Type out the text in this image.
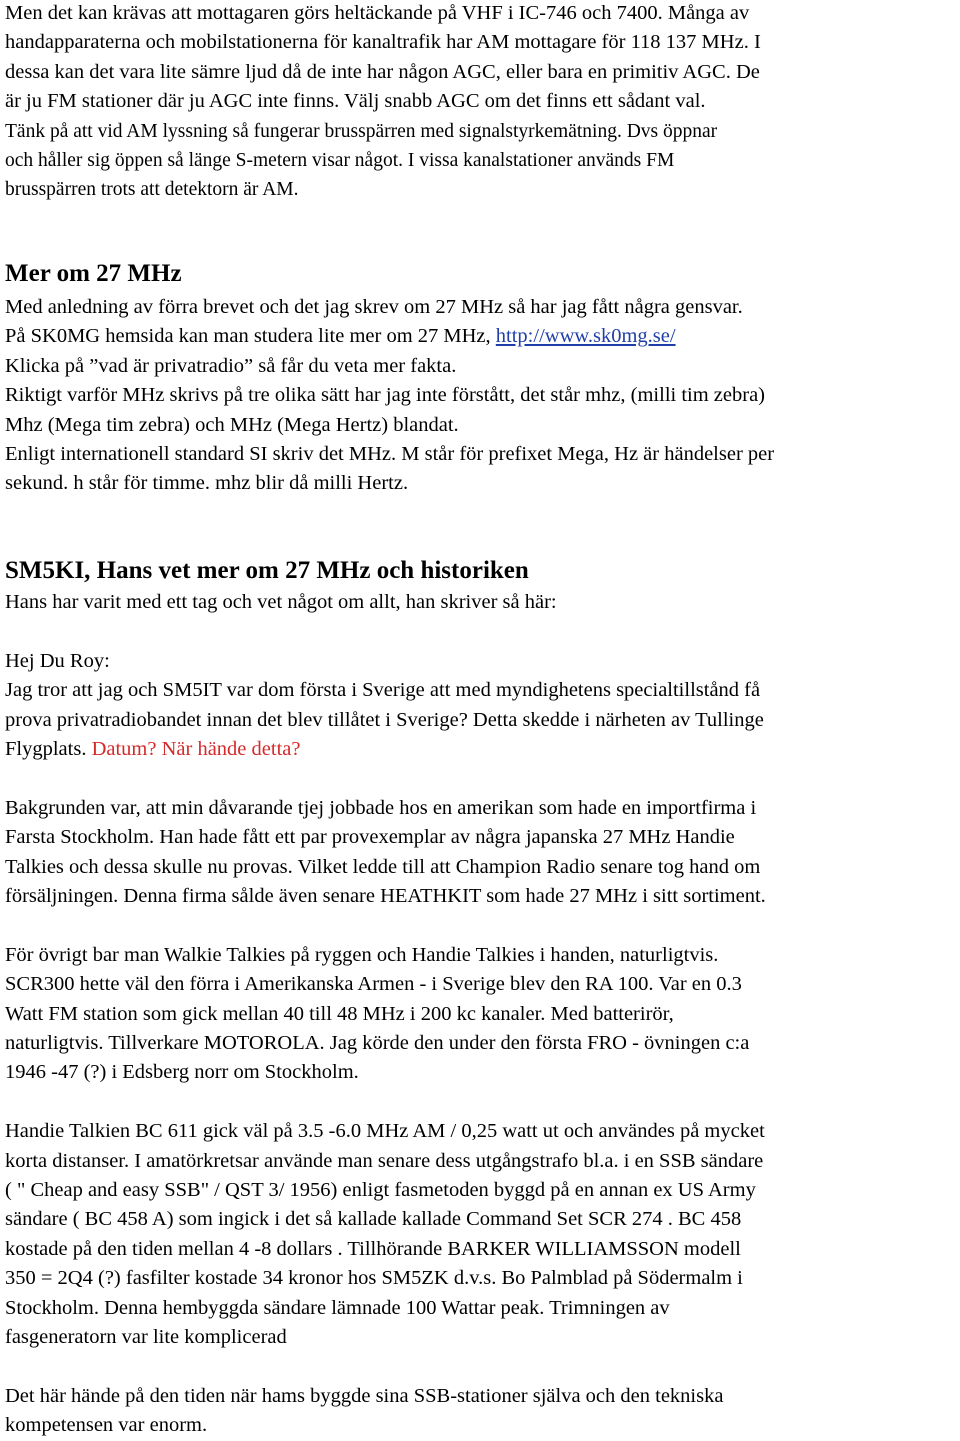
Men det kan krävas att mottagaren görs heltäckande på VHF i IC-746 och 7400. Många av
handapparaterna och mobilstationerna för kanaltrafik har AM mottagare för 118 137 MHz. I
dessa kan det vara lite sämre ljud då de inte har någon AGC, eller bara en primitiv AGC. De
är ju FM stationer där ju AGC inte finns. Välj snabb AGC om det finns ett sådant val.
Tänk på att vid AM lyssning så fungerar brusspärren med signalstyrkemätning. Dvs öppnar
och håller sig öppen så länge S-metern visar något. I vissa kanalstationer används FM
brusspärren trots att detektorn är AM.
Mer om 27 MHz
Med anledning av förra brevet och det jag skrev om 27 MHz så har jag fått några gensvar.
På SK0MG hemsida kan man studera lite mer om 27 MHz, http://www.sk0mg.se/
Klicka på ”vad är privatradio” så får du veta mer fakta.
Riktigt varför MHz skrivs på tre olika sätt har jag inte förstått, det står mhz, (milli tim zebra)
Mhz (Mega tim zebra) och MHz (Mega Hertz) blandat.
Enligt internationell standard SI skriv det MHz. M står för prefixet Mega, Hz är händelser per
sekund. h står för timme. mhz blir då milli Hertz.
SM5KI, Hans vet mer om 27 MHz och historiken
Hans har varit med ett tag och vet något om allt, han skriver så här:
Hej Du Roy:
Jag tror att jag och SM5IT var dom första i Sverige att med myndighetens specialtillstånd få
prova privatradiobandet innan det blev tillåtet i Sverige? Detta skedde i närheten av Tullinge
Flygplats. Datum? När hände detta?
Bakgrunden var, att min dåvarande tjej jobbade hos en amerikan som hade en importfirma i
Farsta Stockholm. Han hade fått ett par provexemplar av några japanska 27 MHz Handie
Talkies och dessa skulle nu provas. Vilket ledde till att Champion Radio senare tog hand om
försäljningen. Denna firma sålde även senare HEATHKIT som hade 27 MHz i sitt sortiment.
För övrigt bar man Walkie Talkies på ryggen och Handie Talkies i handen, naturligtvis.
SCR300 hette väl den förra i Amerikanska Armen - i Sverige blev den RA 100. Var en 0.3
Watt FM station som gick mellan 40 till 48 MHz i 200 kc kanaler. Med batterirör,
naturligtvis. Tillverkare MOTOROLA. Jag körde den under den första FRO - övningen c:a
1946 -47 (?) i Edsberg norr om Stockholm.
Handie Talkien BC 611 gick väl på 3.5 -6.0 MHz AM / 0,25 watt ut och användes på mycket
korta distanser. I amatörkretsar använde man senare dess utgångstrafo bl.a. i en SSB sändare
( " Cheap and easy SSB" / QST 3/ 1956) enligt fasmetoden byggd på en annan ex US Army
sändare ( BC 458 A) som ingick i det så kallade kallade Command Set SCR 274 . BC 458
kostade på den tiden mellan 4 -8 dollars . Tillhörande BARKER WILLIAMSSON modell
350 = 2Q4 (?) fasfilter kostade 34 kronor hos SM5ZK d.v.s. Bo Palmblad på Södermalm i
Stockholm. Denna hembyggda sändare lämnade 100 Wattar peak. Trimningen av
fasgeneratorn var lite komplicerad
Det här hände på den tiden när hams byggde sina SSB-stationer själva och den tekniska
kompetensen var enorm.
